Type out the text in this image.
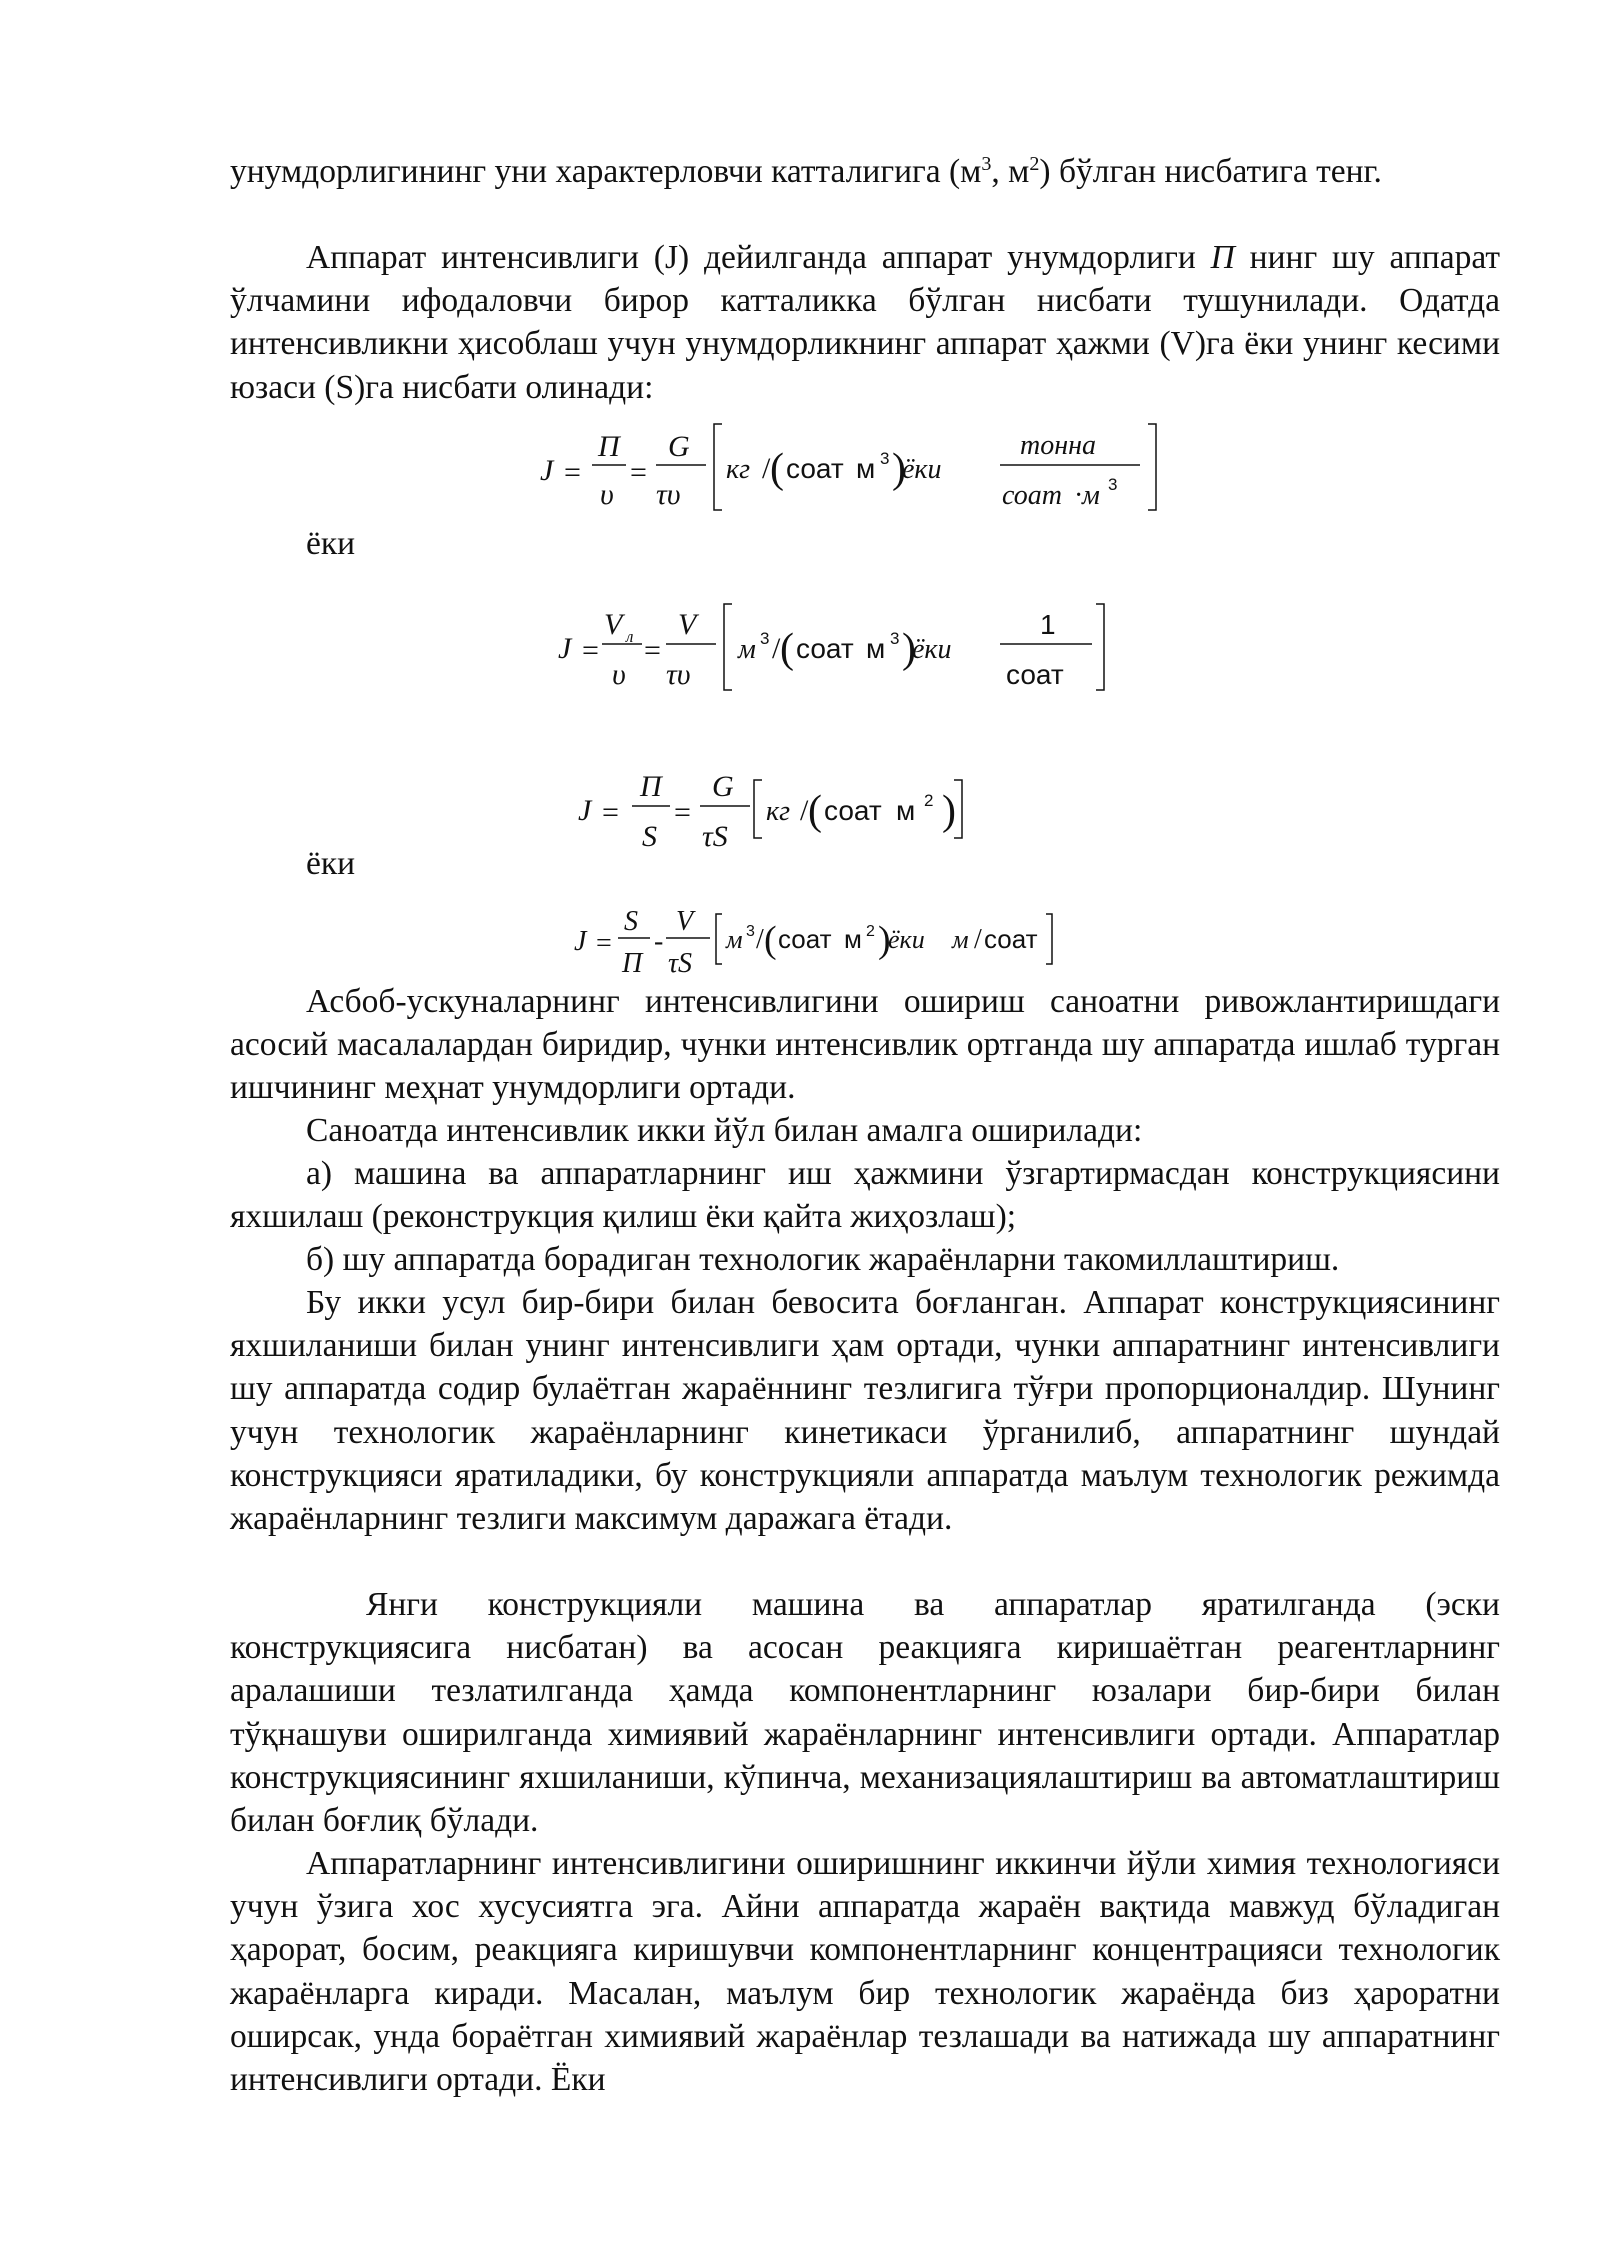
унумдорлигининг уни характерловчи катталигига ($м^3$, $м^2$) бўлган нисбатига тенг.

Аппарат интенсивлиги (J) дейилганда аппарат унумдорлиги П нинг шу аппарат ўлчамини ифодаловчи бирор катталикка бўлган нисбати тушунилади. Одатда интенсивликни ҳисоблаш учун унумдорликнинг аппарат ҳажми (V)га ёки унинг кесими юзаси (S)га нисбати олинади:

J =
П
υ
=
G
τυ
кг / ( соат м 3 )
ёки
тонна
соат ·
м 3

ёки

J =
V л
υ
=
V
τυ
м 3 / ( соат м 3 )
ёки
1
соат
J =
П
S
=
G
τS
кг / ( соат м 2 )

ёки

J =
S
П
-
V
τS
м 3 / ( соат м 2 )
ёки м / соат

Асбоб-ускуналарнинг интенсивлигини ошириш саноатни ривожлантиришдаги асосий масалалардан биридир, чунки интенсивлик ортганда шу аппаратда ишлаб турган ишчининг меҳнат унумдорлиги ортади.

Саноатда интенсивлик икки йўл билан амалга оширилади:

а) машина ва аппаратларнинг иш ҳажмини ўзгартирмасдан конструкциясини яхшилаш (реконструкция қилиш ёки қайта жиҳозлаш);

б) шу аппаратда борадиган технологик жараёнларни такомиллаштириш.

Бу икки усул бир-бири билан бевосита боғланган. Аппарат конструкциясининг яхшиланиши билан унинг интенсивлиги ҳам ортади, чунки аппаратнинг интенсивлиги шу аппаратда содир булаётган жараённинг тезлигига тўғри пропорционалдир. Шунинг учун технологик жараёнларнинг кинетикаси ўрганилиб, аппаратнинг шундай конструкцияси яратиладики, бу конструкцияли аппаратда маълум технологик режимда жараёнларнинг тезлиги максимум даражага ётади.

Янги конструкцияли машина ва аппаратлар яратилганда (эски конструкциясига нисбатан) ва асосан реакцияга киришаётган реагентларнинг аралашиши тезлатилганда ҳамда компонентларнинг юзалари бир-бири билан тўқнашуви оширилганда химиявий жараёнларнинг интенсивлиги ортади. Аппаратлар конструкциясининг яхшиланиши, кўпинча, механизациялаштириш ва автоматлаштириш билан боғлиқ бўлади.

Аппаратларнинг интенсивлигини оширишнинг иккинчи йўли химия технологияси учун ўзига хос хусусиятга эга. Айни аппаратда жараён вақтида мавжуд бўладиган ҳарорат, босим, реакцияга киришувчи компонентларнинг концентрацияси технологик жараёнларга киради. Масалан, маълум бир технологик жараёнда биз ҳароратни оширсак, унда бораётган химиявий жараёнлар тезлашади ва натижада шу аппаратнинг интенсивлиги ортади. Ёки
